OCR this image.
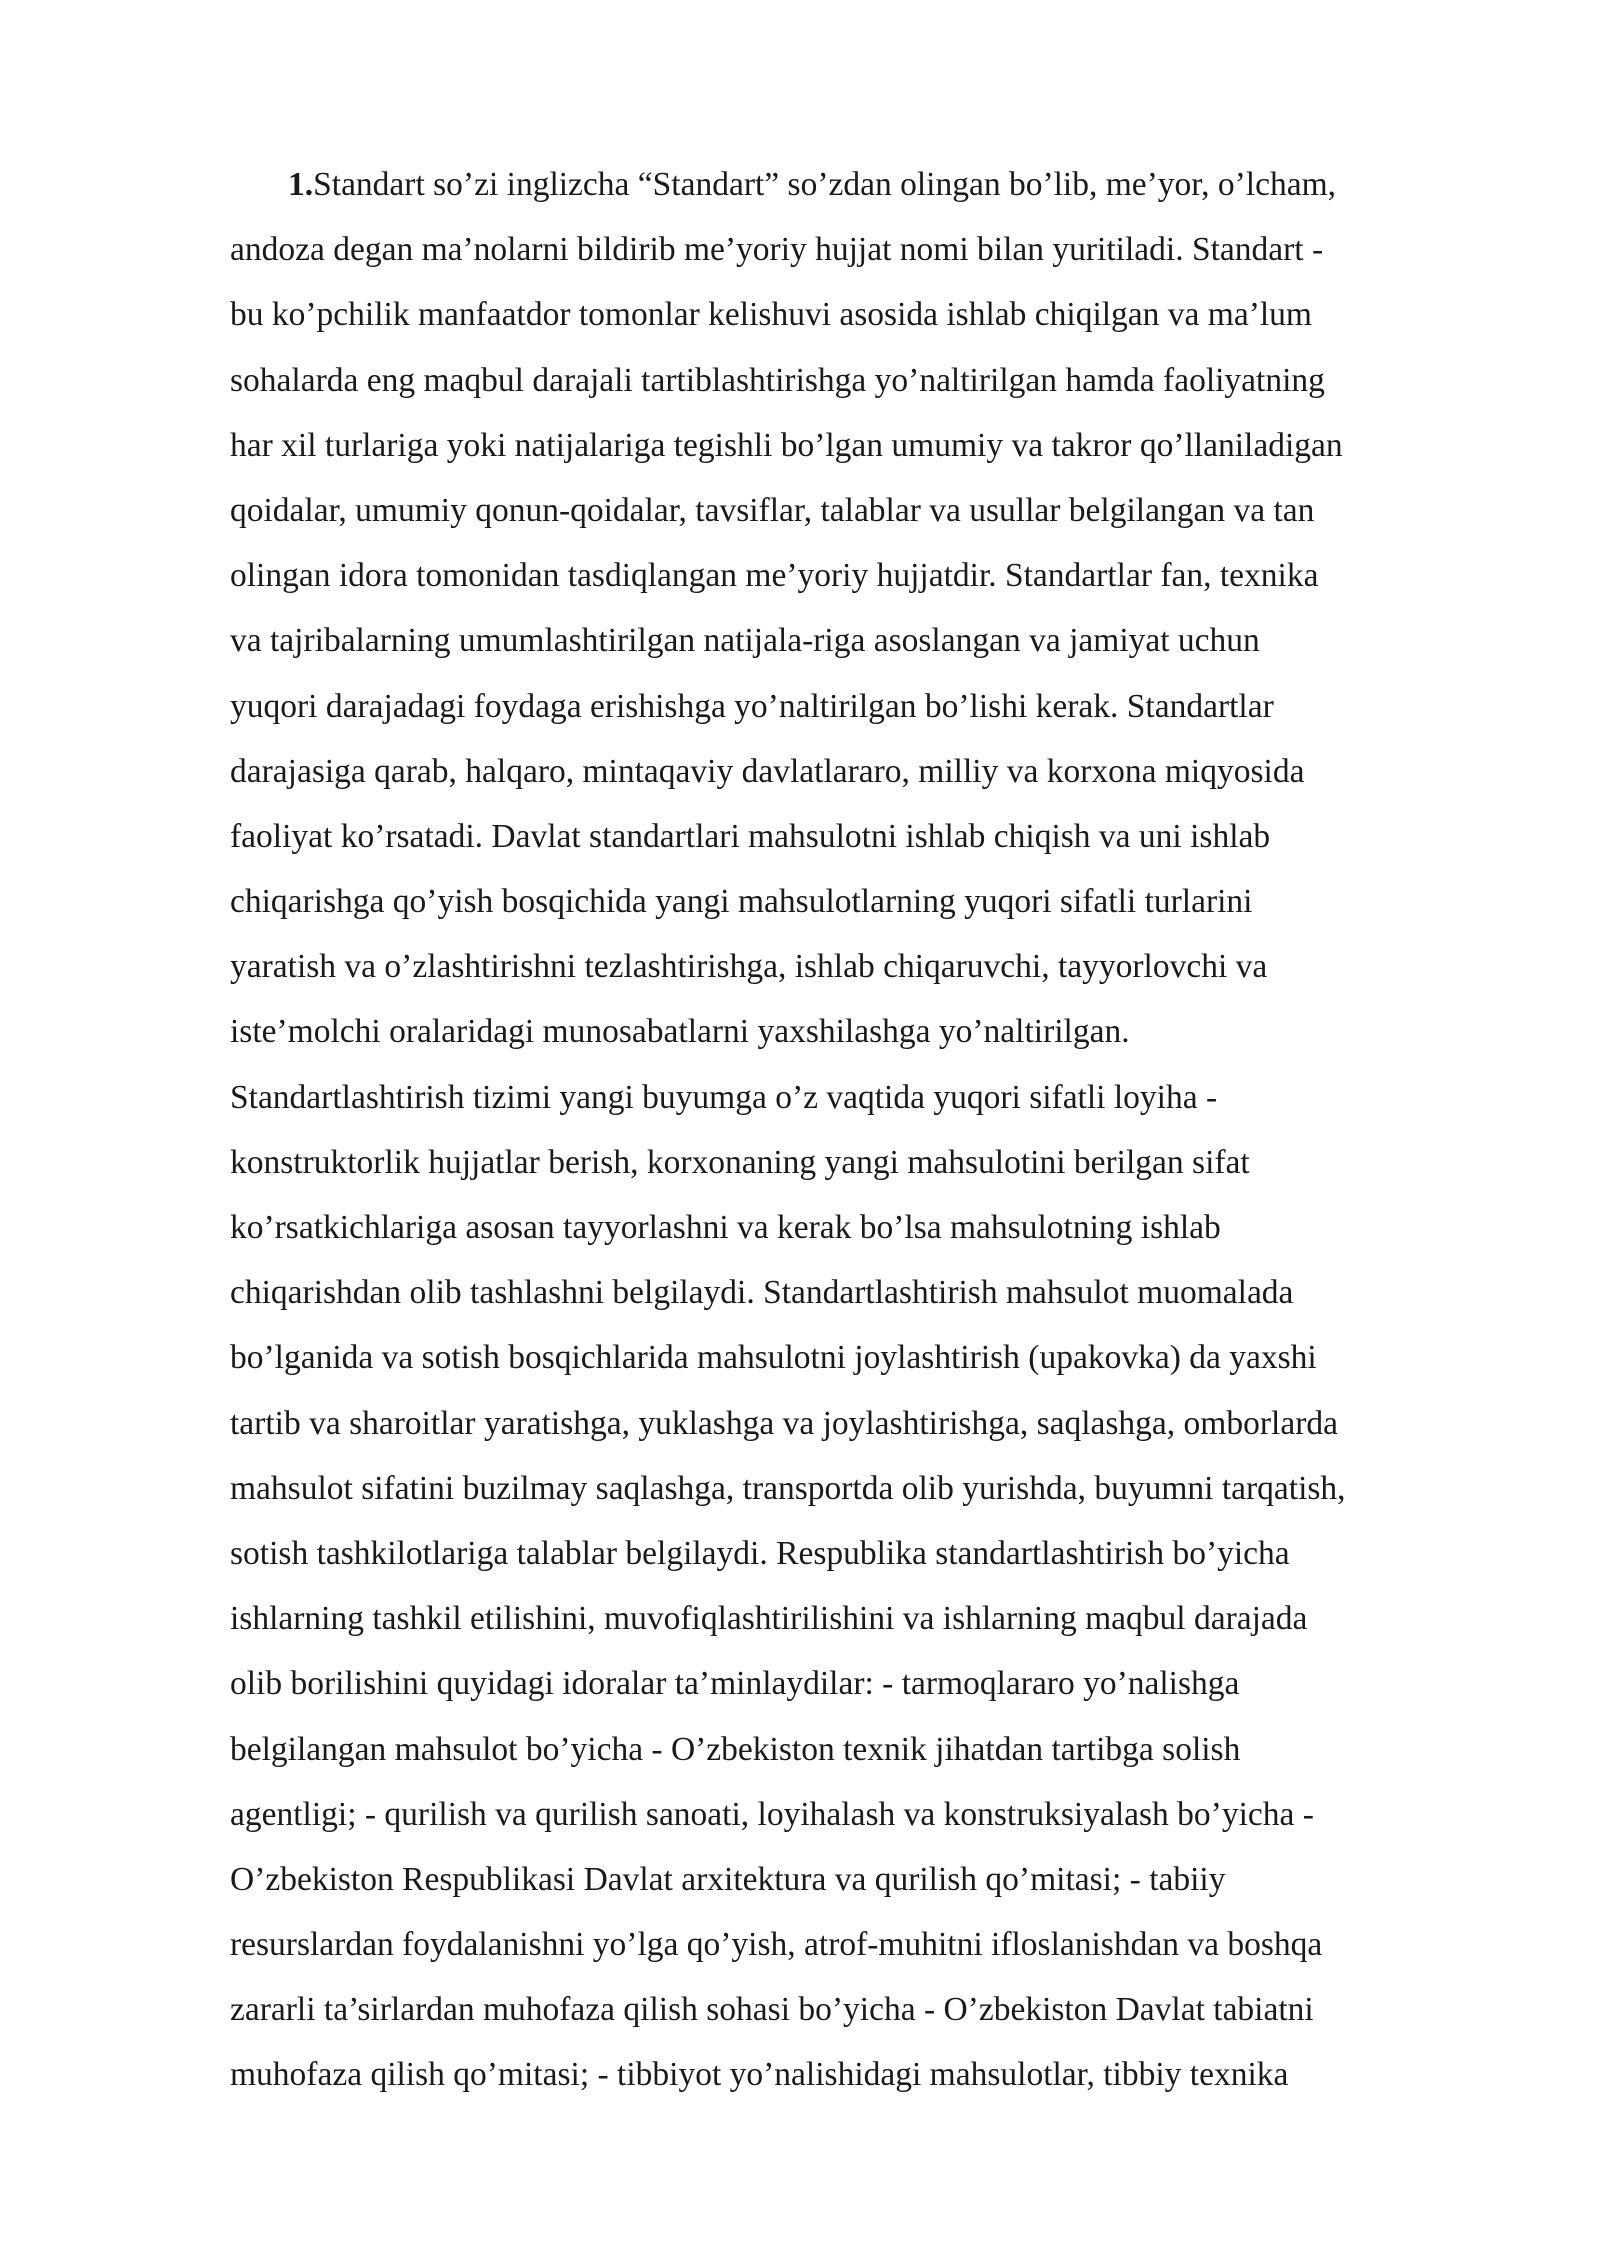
1.Standart so’zi inglizcha “Standart” so’zdan olingan bo’lib, me’yor, o’lcham,
andoza degan ma’nolarni bildirib me’yoriy hujjat nomi bilan yuritiladi. Standart -
bu ko’pchilik manfaatdor tomonlar kelishuvi asosida ishlab chiqilgan va ma’lum
sohalarda eng maqbul darajali tartiblashtirishga yo’naltirilgan hamda faoliyatning
har xil turlariga yoki natijalariga tegishli bo’lgan umumiy va takror qo’llaniladigan
qoidalar, umumiy qonun-qoidalar, tavsiflar, talablar va usullar belgilangan va tan
olingan idora tomonidan tasdiqlangan me’yoriy hujjatdir. Standartlar fan, texnika
va tajribalarning umumlashtirilgan natijala-riga asoslangan va jamiyat uchun
yuqori darajadagi foydaga erishishga yo’naltirilgan bo’lishi kerak. Standartlar
darajasiga qarab, halqaro, mintaqaviy davlatlararo, milliy va korxona miqyosida
faoliyat ko’rsatadi. Davlat standartlari mahsulotni ishlab chiqish va uni ishlab
chiqarishga qo’yish bosqichida yangi mahsulotlarning yuqori sifatli turlarini
yaratish va o’zlashtirishni tezlashtirishga, ishlab chiqaruvchi, tayyorlovchi va
iste’molchi oralaridagi munosabatlarni yaxshilashga yo’naltirilgan.
Standartlashtirish tizimi yangi buyumga o’z vaqtida yuqori sifatli loyiha -
konstruktorlik hujjatlar berish, korxonaning yangi mahsulotini berilgan sifat
ko’rsatkichlariga asosan tayyorlashni va kerak bo’lsa mahsulotning ishlab
chiqarishdan olib tashlashni belgilaydi. Standartlashtirish mahsulot muomalada
bo’lganida va sotish bosqichlarida mahsulotni joylashtirish (upakovka) da yaxshi
tartib va sharoitlar yaratishga, yuklashga va joylashtirishga, saqlashga, omborlarda
mahsulot sifatini buzilmay saqlashga, transportda olib yurishda, buyumni tarqatish,
sotish tashkilotlariga talablar belgilaydi. Respublika standartlashtirish bo’yicha
ishlarning tashkil etilishini, muvofiqlashtirilishini va ishlarning maqbul darajada
olib borilishini quyidagi idoralar ta’minlaydilar: - tarmoqlararo yo’nalishga
belgilangan mahsulot bo’yicha - O’zbekiston texnik jihatdan tartibga solish
agentligi; - qurilish va qurilish sanoati, loyihalash va konstruksiyalash bo’yicha -
O’zbekiston Respublikasi Davlat arxitektura va qurilish qo’mitasi; - tabiiy
resurslardan foydalanishni yo’lga qo’yish, atrof-muhitni ifloslanishdan va boshqa
zararli ta’sirlardan muhofaza qilish sohasi bo’yicha - O’zbekiston Davlat tabiatni
muhofaza qilish qo’mitasi; - tibbiyot yo’nalishidagi mahsulotlar, tibbiy texnika
